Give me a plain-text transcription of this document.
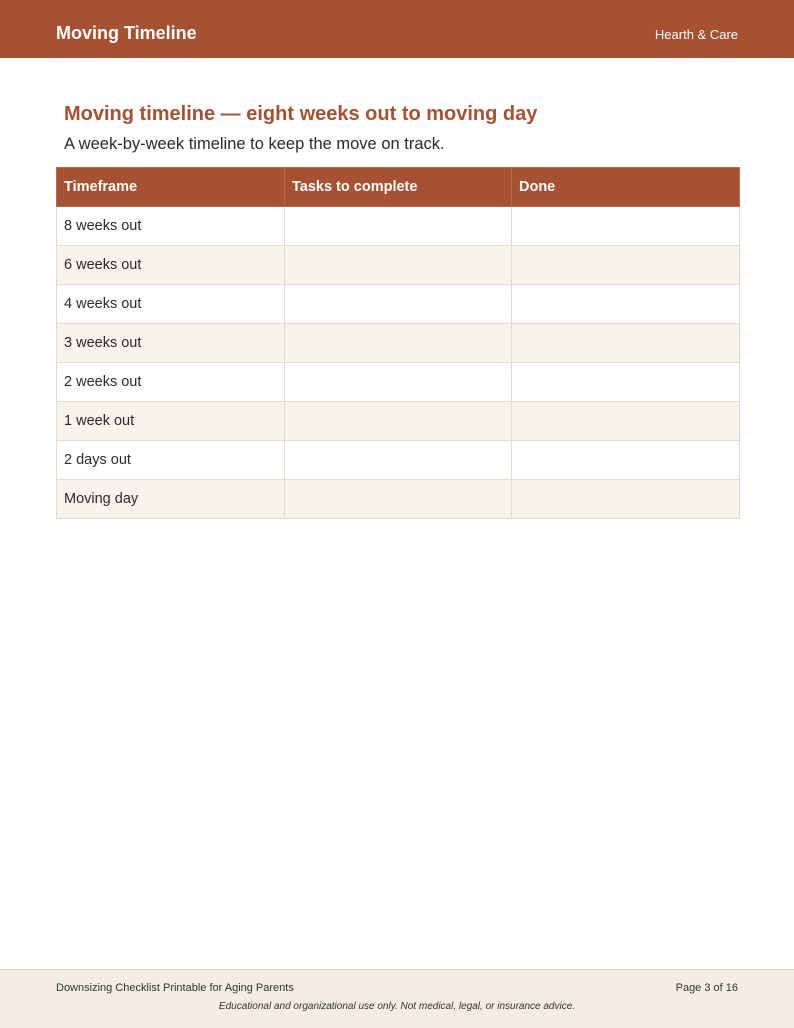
Moving Timeline	Hearth & Care
Moving timeline — eight weeks out to moving day

A week-by-week timeline to keep the move on track.

Timeframe	Tasks to complete	Done
8 weeks out		
6 weeks out		
4 weeks out		
3 weeks out		
2 weeks out		
1 week out		
2 days out		
Moving day		
Downsizing Checklist Printable for Aging Parents	Page 3 of 16
Educational and organizational use only. Not medical, legal, or insurance advice.
